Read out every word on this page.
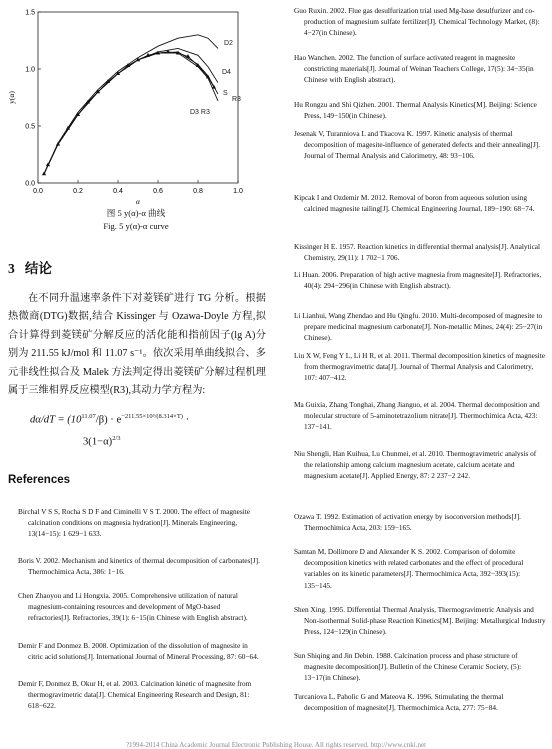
0.0	0.2	0.4	0.6	0.8	1.0
0.0
0.5
1.0
1.5
α
y(α)
D2
D4
D3 R3
R3
S
图 5 y(α)-α 曲线
Fig. 5 y(α)-α curve
3 结论
在不同升温速率条件下对菱镁矿进行 TG 分析。根据热微商(DTG)数据,结合 Kissinger 与 Ozawa-Doyle 方程,拟合计算得到菱镁矿分解反应的活化能和指前因子(lg A)分别为 211.55 kJ/mol 和 11.07 s⁻¹。依次采用单曲线拟合、多元非线性拟合及 Malek 方法判定得出菱镁矿分解过程机理属于三维相界反应模型(R3),其动力学方程为:
$d\alpha/dT = (10^{11.07}/\beta) \cdot e^{-211.55\times 10^3/(8.314\times T)}$ ·
$3(1-\alpha)^{2/3}$
References
Birchal V S S, Rocha S D F and Ciminelli V S T. 2000. The effect of magnesite calcination conditions on magnesia hydration[J]. Minerals Engineering, 13(14−15): 1 629−1 633.
Boris V. 2002. Mechanism and kinetics of thermal decomposition of carbonates[J]. Thermochimica Acta, 386: 1−16.
Chen Zhaoyou and Li Hongxia. 2005. Comprehensive utilization of natural magnesium-containing resources and development of MgO-based refractories[J]. Refractories, 39(1): 6−15(in Chinese with English abstract).
Demir F and Donmez B. 2008. Optimization of the dissolution of magnesite in citric acid solutions[J]. International Journal of Mineral Processing, 87: 60−64.
Demir F, Donmez B, Okur H, et al. 2003. Calcination kinetic of magnesite from thermogravimetric data[J]. Chemical Engineering Research and Design, 81: 618−622.
Guo Ruxin. 2002. Flue gas desulfurization trial used Mg-base desulfurizer and co-production of magnesium sulfate fertilizer[J]. Chemical Technology Market, (8): 4−27(in Chinese).
Hao Wanchen. 2002. The function of surface activated reagent in magnesite constricting materials[J]. Journal of Weinan Teachers College, 17(5): 34−35(in Chinese with English abstract).
Hu Rongzu and Shi Qizhen. 2001. Thermal Analysis Kinetics[M]. Beijing: Science Press, 149−150(in Chinese).
Jesenak V, Turanniova L and Tkacova K. 1997. Kinetic analysis of thermal decomposition of magesite-influence of generated defects and their annealing[J]. Journal of Thermal Analysis and Calorimetry, 48: 93−106.
Kipcak I and Ozdemir M. 2012. Removal of boron from aqueous solution using calcined magnesite tailing[J]. Chemical Engineering Journal, 189−190: 68−74.
Kissinger H E. 1957. Reaction kinetics in differential thermal analysis[J]. Analytical Chemistry, 29(11): 1 702−1 706.
Li Huan. 2006. Preparation of high active magnesia from magnesite[J]. Refractories, 40(4): 294−296(in Chinese with English abstract).
Li Lianhui, Wang Zhendao and Hu Qingfu. 2010. Multi-decomposed of magnesite to prepare medicinal magnesium carbonate[J]. Non-metallic Mines, 24(4): 25−27(in Chinese).
Liu X W, Feng Y L, Li H R, et al. 2011. Thermal decomposition kinetics of magnesite from thermogravimetric data[J]. Journal of Thermal Analysis and Calorimetry, 107: 407−412.
Ma Guixia, Zhang Tonghai, Zhang Jianguo, et al. 2004. Thermal decomposition and molecular structure of 5-aminotetrazolium nitrate[J]. Thermochimica Acta, 423: 137−141.
Niu Shengli, Han Kuihua, Lu Chunmei, et al. 2010. Thermogravimetric analysis of the relationship among calcium magnesium acetate, calcium acetate and magnesium acetate[J]. Applied Energy, 87: 2 237−2 242.
Ozawa T. 1992. Estimation of activation energy by isoconversion methods[J]. Thermochimica Acta, 203: 159−165.
Samtan M, Dollimore D and Alexander K S. 2002. Comparison of dolomite decomposition kinetics with related carbonates and the effect of procedural variables on its kinetic parameters[J]. Thermochimica Acta, 392−393(15): 135−145.
Shen Xing. 1995. Differential Thermal Analysis, Thermogravimetric Analysis and Non-isothermal Solid-phase Reaction Kinetics[M]. Beijing: Metallurgical Industry Press, 124−129(in Chinese).
Sun Shiqing and Jin Debin. 1988. Calcination process and phase structure of magnesite decomposition[J]. Bulletin of the Chinese Ceramic Society, (5): 13−17(in Chinese).
Turcaniova L, Paholic G and Mateova K. 1996. Stimulating the thermal decomposition of magnesite[J]. Thermochimica Acta, 277: 75−84.
?1994-2014 China Academic Journal Electronic Publishing House. All rights reserved. http://www.cnki.net
